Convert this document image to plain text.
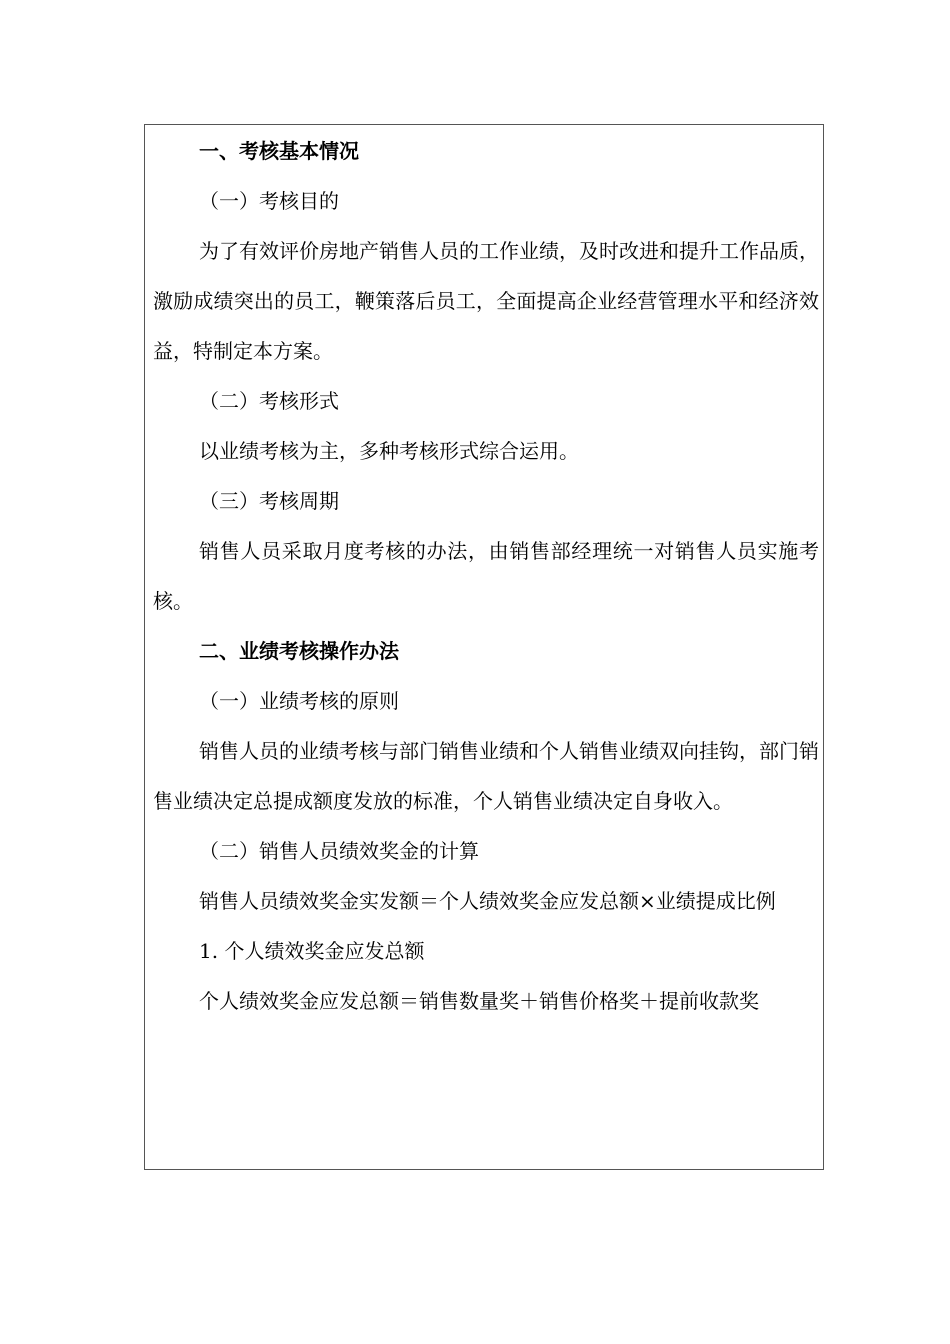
一、考核基本情况

（一）考核目的

为了有效评价房地产销售人员的工作业绩，及时改进和提升工作品质，激励成绩突出的员工，鞭策落后员工，全面提高企业经营管理水平和经济效益，特制定本方案。

（二）考核形式

以业绩考核为主，多种考核形式综合运用。

（三）考核周期

销售人员采取月度考核的办法，由销售部经理统一对销售人员实施考核。

二、业绩考核操作办法

（一）业绩考核的原则

销售人员的业绩考核与部门销售业绩和个人销售业绩双向挂钩，部门销售业绩决定总提成额度发放的标准，个人销售业绩决定自身收入。

（二）销售人员绩效奖金的计算

销售人员绩效奖金实发额＝个人绩效奖金应发总额×业绩提成比例

1. 个人绩效奖金应发总额

个人绩效奖金应发总额＝销售数量奖＋销售价格奖＋提前收款奖
